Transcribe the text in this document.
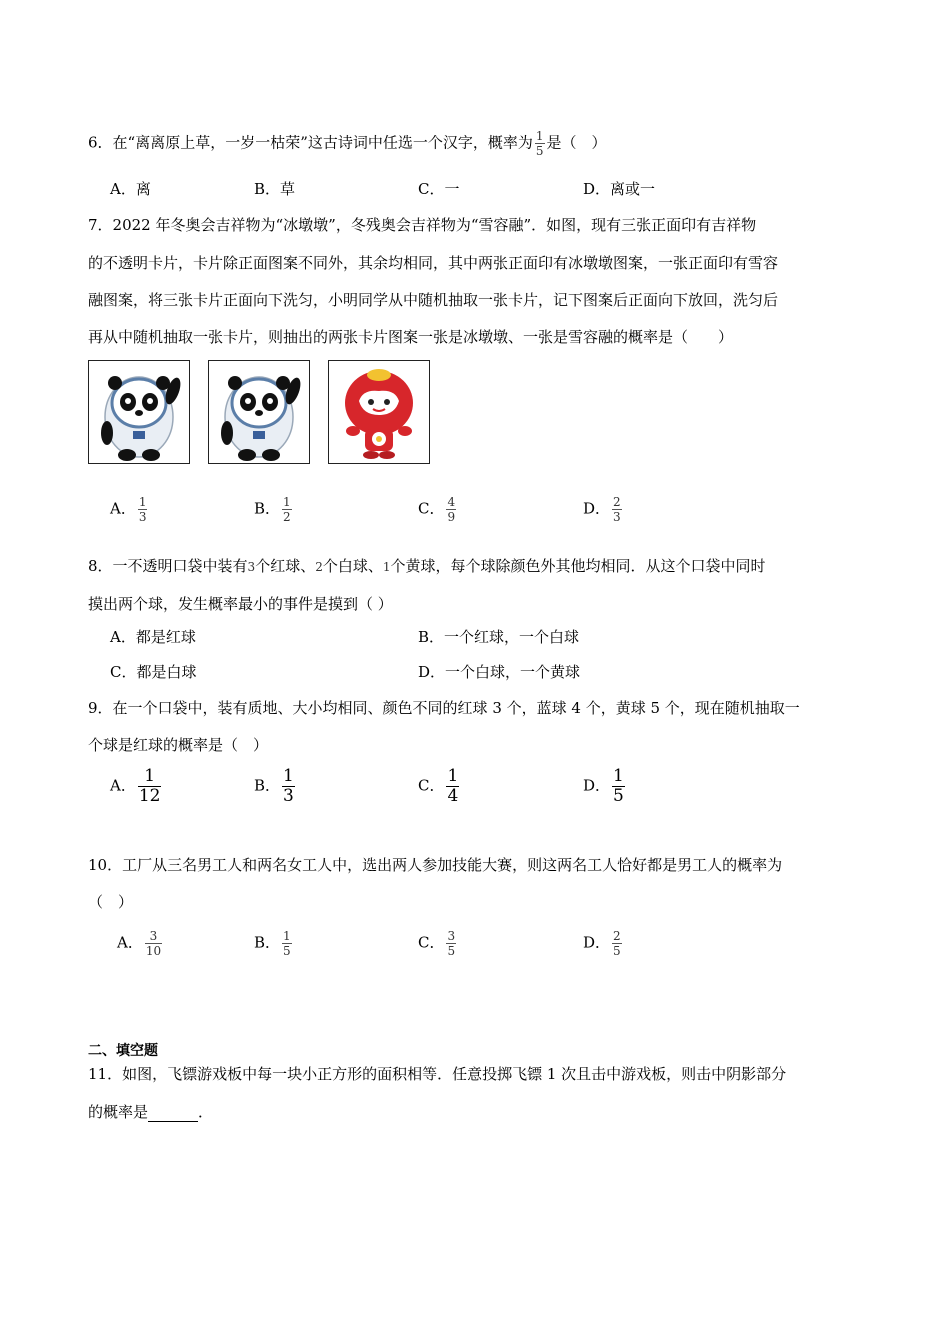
6．在“离离原上草，一岁一枯荣”这古诗词中任选一个汉字，概率为 $\frac{1}{5}$ 是（　）
A．离	B．草	C．一	D．离或一
7．2022 年冬奥会吉祥物为“冰墩墩”，冬残奥会吉祥物为“雪容融”．如图，现有三张正面印有吉祥物
的不透明卡片，卡片除正面图案不同外，其余均相同，其中两张正面印有冰墩墩图案，一张正面印有雪容
融图案，将三张卡片正面向下洗匀，小明同学从中随机抽取一张卡片，记下图案后正面向下放回，洗匀后
再从中随机抽取一张卡片，则抽出的两张卡片图案一张是冰墩墩、一张是雪容融的概率是（　　）
A． $\frac{1}{3}$	B． $\frac{1}{2}$	C． $\frac{4}{9}$	D． $\frac{2}{3}$
8．一不透明口袋中装有3个红球、2个白球、1个黄球，每个球除颜色外其他均相同．从这个口袋中同时
摸出两个球，发生概率最小的事件是摸到（ ）
A．都是红球	B．一个红球，一个白球
C．都是白球	D．一个白球，一个黄球
9．在一个口袋中，装有质地、大小均相同、颜色不同的红球 3 个，蓝球 4 个，黄球 5 个，现在随机抽取一
个球是红球的概率是（　）
A． $\frac{1}{12}$	B． $\frac{1}{3}$	C． $\frac{1}{4}$	D． $\frac{1}{5}$
10．工厂从三名男工人和两名女工人中，选出两人参加技能大赛，则这两名工人恰好都是男工人的概率为
（　）
A． $\frac{3}{10}$	B． $\frac{1}{5}$	C． $\frac{3}{5}$	D． $\frac{2}{5}$
二、填空题
11．如图，飞镖游戏板中每一块小正方形的面积相等．任意投掷飞镖 1 次且击中游戏板，则击中阴影部分
的概率是	．
